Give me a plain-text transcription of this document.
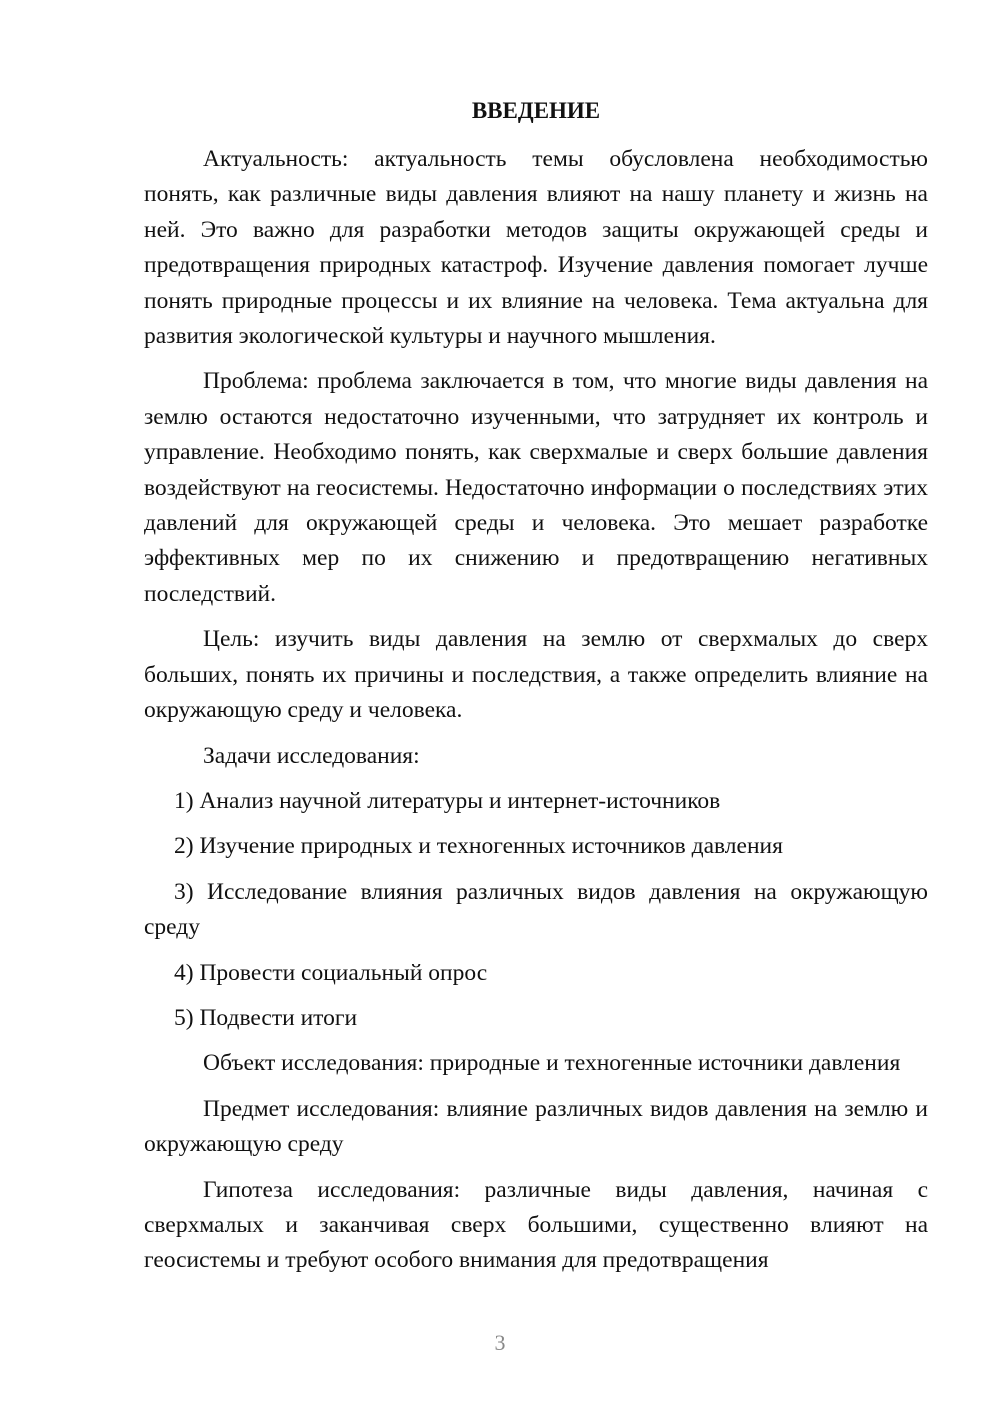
ВВЕДЕНИЕ

Актуальность: актуальность темы обусловлена необходимостью понять, как различные виды давления влияют на нашу планету и жизнь на ней. Это важно для разработки методов защиты окружающей среды и предотвращения природных катастроф. Изучение давления помогает лучше понять природные процессы и их влияние на человека. Тема актуальна для развития экологической культуры и научного мышления.

Проблема: проблема заключается в том, что многие виды давления на землю остаются недостаточно изученными, что затрудняет их контроль и управление. Необходимо понять, как сверхмалые и сверх большие давления воздействуют на геосистемы. Недостаточно информации о последствиях этих давлений для окружающей среды и человека. Это мешает разработке эффективных мер по их снижению и предотвращению негативных последствий.

Цель: изучить виды давления на землю от сверхмалых до сверх больших, понять их причины и последствия, а также определить влияние на окружающую среду и человека.

Задачи исследования:

1) Анализ научной литературы и интернет-источников

2) Изучение природных и техногенных источников давления

3) Исследование влияния различных видов давления на окружающую среду

4) Провести социальный опрос

5) Подвести итоги

Объект исследования: природные и техногенные источники давления

Предмет исследования: влияние различных видов давления на землю и окружающую среду

Гипотеза исследования: различные виды давления, начиная с сверхмалых и заканчивая сверх большими, существенно влияют на геосистемы и требуют особого внимания для предотвращения

3
